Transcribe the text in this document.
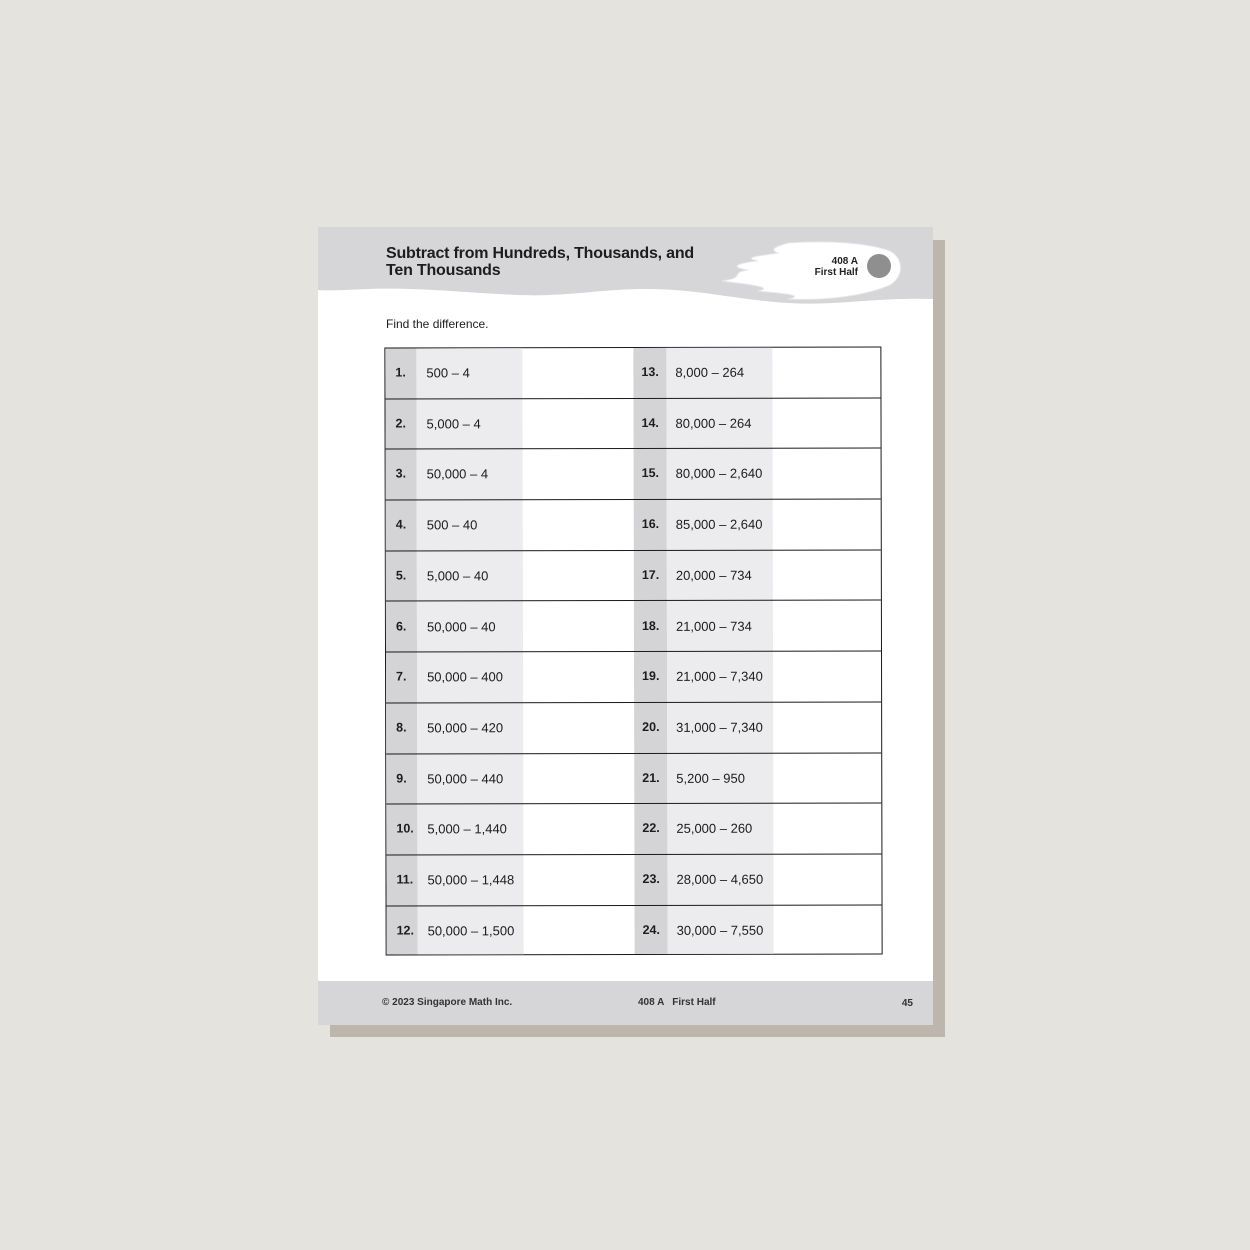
Subtract from Hundreds, Thousands, and
Ten Thousands
408 A
First Half
Find the difference.
1.	500 – 4	13.	8,000 – 264
2.	5,000 – 4	14.	80,000 – 264
3.	50,000 – 4	15.	80,000 – 2,640
4.	500 – 40	16.	85,000 – 2,640
5.	5,000 – 40	17.	20,000 – 734
6.	50,000 – 40	18.	21,000 – 734
7.	50,000 – 400	19.	21,000 – 7,340
8.	50,000 – 420	20.	31,000 – 7,340
9.	50,000 – 440	21.	5,200 – 950
10.	5,000 – 1,440	22.	25,000 – 260
11.	50,000 – 1,448	23.	28,000 – 4,650
12.	50,000 – 1,500	24.	30,000 – 7,550
© 2023 Singapore Math Inc.	408 A   First Half	45
